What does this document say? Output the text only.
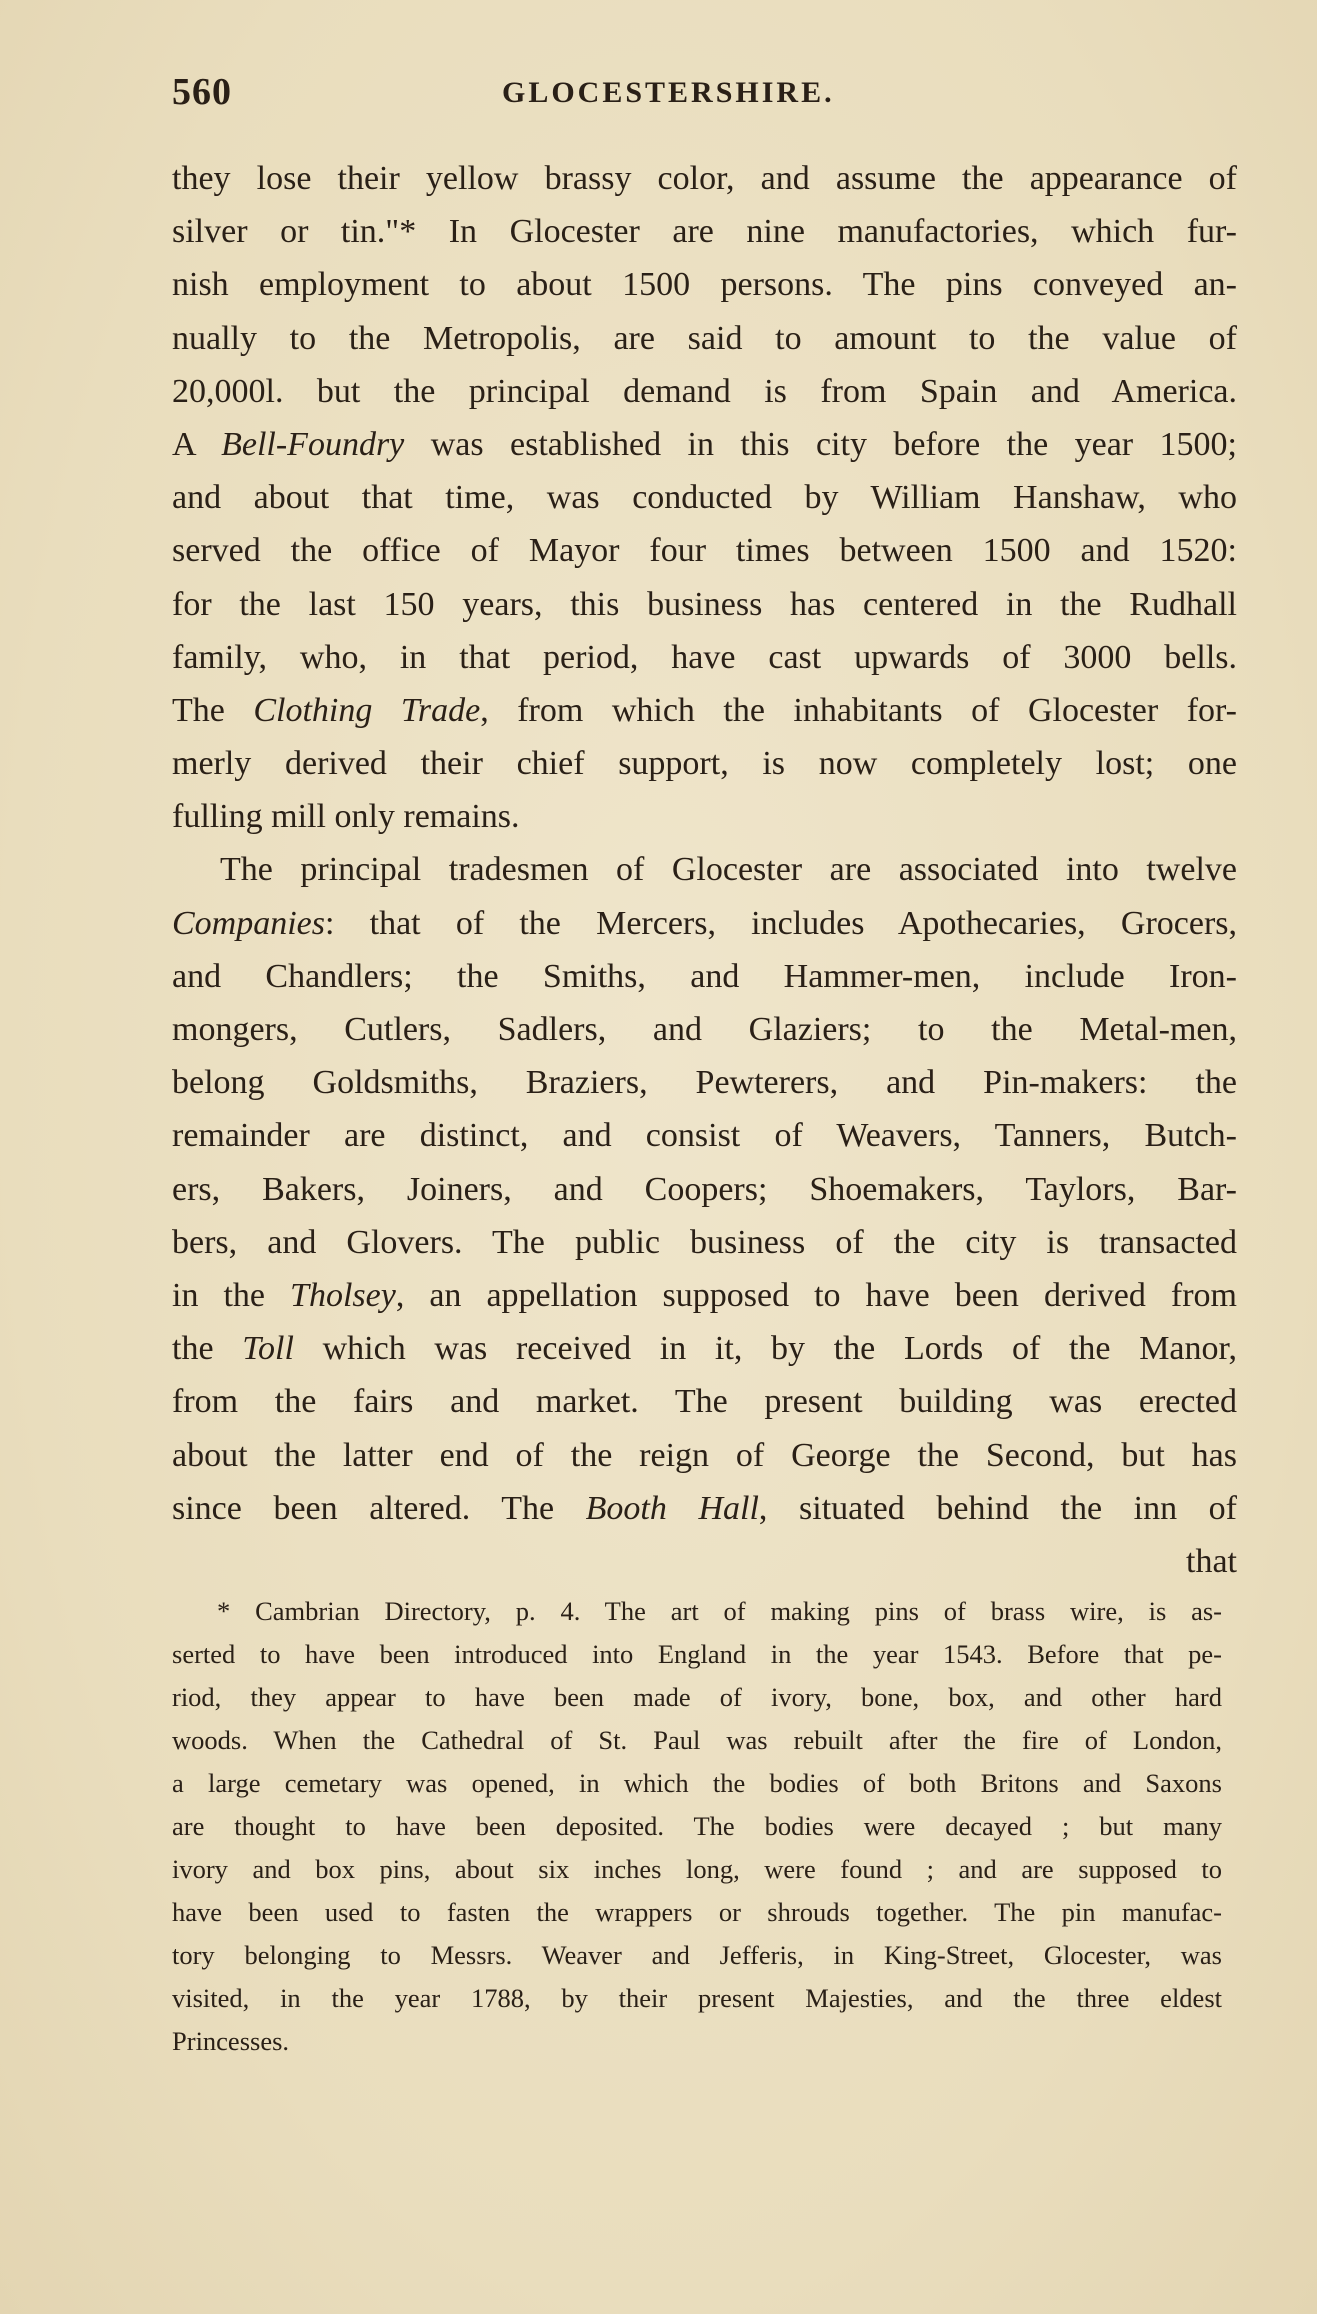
560	GLOCESTERSHIRE.
they lose their yellow brassy color, and assume the appearance of
silver or tin."* In Glocester are nine manufactories, which fur-
nish employment to about 1500 persons. The pins conveyed an-
nually to the Metropolis, are said to amount to the value of
20,000l. but the principal demand is from Spain and America.
A Bell-Foundry was established in this city before the year 1500;
and about that time, was conducted by William Hanshaw, who
served the office of Mayor four times between 1500 and 1520:
for the last 150 years, this business has centered in the Rudhall
family, who, in that period, have cast upwards of 3000 bells.
The Clothing Trade, from which the inhabitants of Glocester for-
merly derived their chief support, is now completely lost; one
fulling mill only remains.
The principal tradesmen of Glocester are associated into twelve
Companies: that of the Mercers, includes Apothecaries, Grocers,
and Chandlers; the Smiths, and Hammer-men, include Iron-
mongers, Cutlers, Sadlers, and Glaziers; to the Metal-men,
belong Goldsmiths, Braziers, Pewterers, and Pin-makers: the
remainder are distinct, and consist of Weavers, Tanners, Butch-
ers, Bakers, Joiners, and Coopers; Shoemakers, Taylors, Bar-
bers, and Glovers. The public business of the city is transacted
in the Tholsey, an appellation supposed to have been derived from
the Toll which was received in it, by the Lords of the Manor,
from the fairs and market. The present building was erected
about the latter end of the reign of George the Second, but has
since been altered. The Booth Hall, situated behind the inn of
that
* Cambrian Directory, p. 4. The art of making pins of brass wire, is as-
serted to have been introduced into England in the year 1543. Before that pe-
riod, they appear to have been made of ivory, bone, box, and other hard
woods. When the Cathedral of St. Paul was rebuilt after the fire of London,
a large cemetary was opened, in which the bodies of both Britons and Saxons
are thought to have been deposited. The bodies were decayed ; but many
ivory and box pins, about six inches long, were found ; and are supposed to
have been used to fasten the wrappers or shrouds together. The pin manufac-
tory belonging to Messrs. Weaver and Jefferis, in King-Street, Glocester, was
visited, in the year 1788, by their present Majesties, and the three eldest
Princesses.
